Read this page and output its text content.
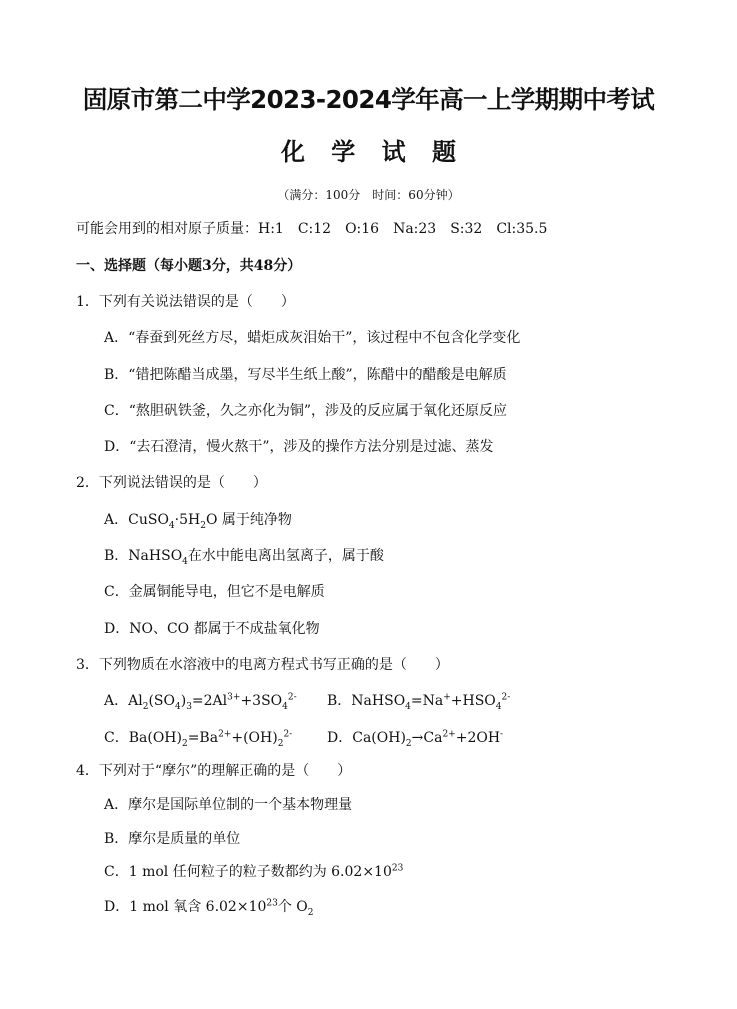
固原市第二中学2023-2024学年高一上学期期中考试
化 学 试 题
（满分：100分　时间：60分钟）
可能会用到的相对原子质量：H:1　C:12　O:16　Na:23　S:32　Cl:35.5
一、选择题（每小题3分，共48分）
1．下列有关说法错误的是（　　）
A．“春蚕到死丝方尽，蜡炬成灰泪始干”，该过程中不包含化学变化
B．“错把陈醋当成墨，写尽半生纸上酸”，陈醋中的醋酸是电解质
C．“熬胆矾铁釜，久之亦化为铜”，涉及的反应属于氧化还原反应
D．“去石澄清，慢火熬干”，涉及的操作方法分别是过滤、蒸发
2．下列说法错误的是（　　）
A．$CuSO_4\cdot 5H_2O$ 属于纯净物
B．NaHSO$_4$在水中能电离出氢离子，属于酸
C．金属铜能导电，但它不是电解质
D．NO、CO 都属于不成盐氧化物
3．下列物质在水溶液中的电离方程式书写正确的是（　　）
A．$Al_2(SO_4)_3=2Al^{3+}+3SO_4^{2-}$ B．$NaHSO_4=Na^++HSO_4^{2-}$
C．$Ba(OH)_2=Ba^{2+}+(OH)_2^{2-}$ D．$Ca(OH)_2\to Ca^{2+}+2OH^-$
4．下列对于“摩尔”的理解正确的是（　　）
A．摩尔是国际单位制的一个基本物理量
B．摩尔是质量的单位
C．1 mol 任何粒子的粒子数都约为 $6.02\times 10^{23}$
D．1 mol 氧含 $6.02\times 10^{23}$个 $O_2$
